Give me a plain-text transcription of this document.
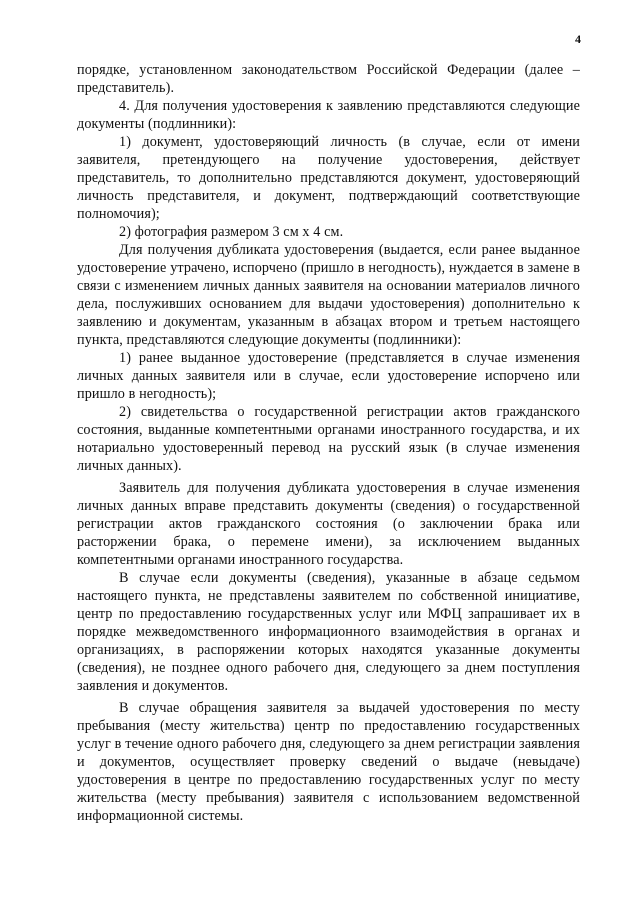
4

порядке, установленном законодательством Российской Федерации (далее – представитель).

4. Для получения удостоверения к заявлению представляются следующие документы (подлинники):

1) документ, удостоверяющий личность (в случае, если от имени заявителя, претендующего на получение удостоверения, действует представитель, то дополнительно представляются документ, удостоверяющий личность представителя, и документ, подтверждающий соответствующие полномочия);

2) фотография размером 3 см x 4 см.

Для получения дубликата удостоверения (выдается, если ранее выданное удостоверение утрачено, испорчено (пришло в негодность), нуждается в замене в связи с изменением личных данных заявителя на основании материалов личного дела, послуживших основанием для выдачи удостоверения) дополнительно к заявлению и документам, указанным в абзацах втором и третьем настоящего пункта, представляются следующие документы (подлинники):

1) ранее выданное удостоверение (представляется в случае изменения личных данных заявителя или в случае, если удостоверение испорчено или пришло в негодность);

2) свидетельства о государственной регистрации актов гражданского состояния, выданные компетентными органами иностранного государства, и их нотариально удостоверенный перевод на русский язык (в случае изменения личных данных).

Заявитель для получения дубликата удостоверения в случае изменения личных данных вправе представить документы (сведения) о государственной регистрации актов гражданского состояния (о заключении брака или расторжении брака, о перемене имени), за исключением выданных компетентными органами иностранного государства.

В случае если документы (сведения), указанные в абзаце седьмом настоящего пункта, не представлены заявителем по собственной инициативе, центр по предоставлению государственных услуг или МФЦ запрашивает их в порядке межведомственного информационного взаимодействия в органах и организациях, в распоряжении которых находятся указанные документы (сведения), не позднее одного рабочего дня, следующего за днем поступления заявления и документов.

В случае обращения заявителя за выдачей удостоверения по месту пребывания (месту жительства) центр по предоставлению государственных услуг в течение одного рабочего дня, следующего за днем регистрации заявления и документов, осуществляет проверку сведений о выдаче (невыдаче) удостоверения в центре по предоставлению государственных услуг по месту жительства (месту пребывания) заявителя с использованием ведомственной информационной системы.
